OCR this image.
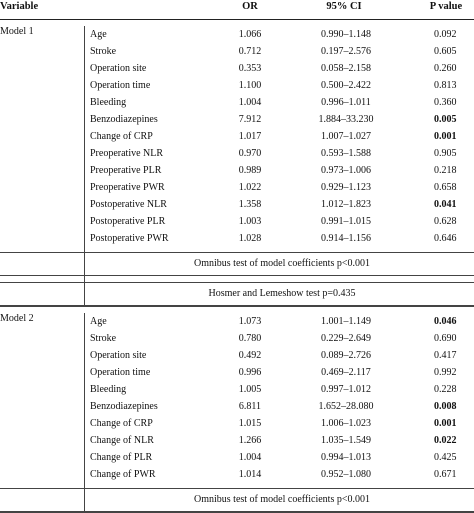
Variable	OR	95% CI	P value
Model 1	Age	1.066	0.990–1.148	0.092
Stroke	0.712	0.197–2.576	0.605
Operation site	0.353	0.058–2.158	0.260
Operation time	1.100	0.500–2.422	0.813
Bleeding	1.004	0.996–1.011	0.360
Benzodiazepines	7.912	1.884–33.230	0.005
Change of CRP	1.017	1.007–1.027	0.001
Preoperative NLR	0.970	0.593–1.588	0.905
Preoperative PLR	0.989	0.973–1.006	0.218
Preoperative PWR	1.022	0.929–1.123	0.658
Postoperative NLR	1.358	1.012–1.823	0.041
Postoperative PLR	1.003	0.991–1.015	0.628
Postoperative PWR	1.028	0.914–1.156	0.646
Omnibus test of model coefficients p<0.001
Hosmer and Lemeshow test p=0.435
Model 2	Age	1.073	1.001–1.149	0.046
Stroke	0.780	0.229–2.649	0.690
Operation site	0.492	0.089–2.726	0.417
Operation time	0.996	0.469–2.117	0.992
Bleeding	1.005	0.997–1.012	0.228
Benzodiazepines	6.811	1.652–28.080	0.008
Change of CRP	1.015	1.006–1.023	0.001
Change of NLR	1.266	1.035–1.549	0.022
Change of PLR	1.004	0.994–1.013	0.425
Change of PWR	1.014	0.952–1.080	0.671
Omnibus test of model coefficients p<0.001
